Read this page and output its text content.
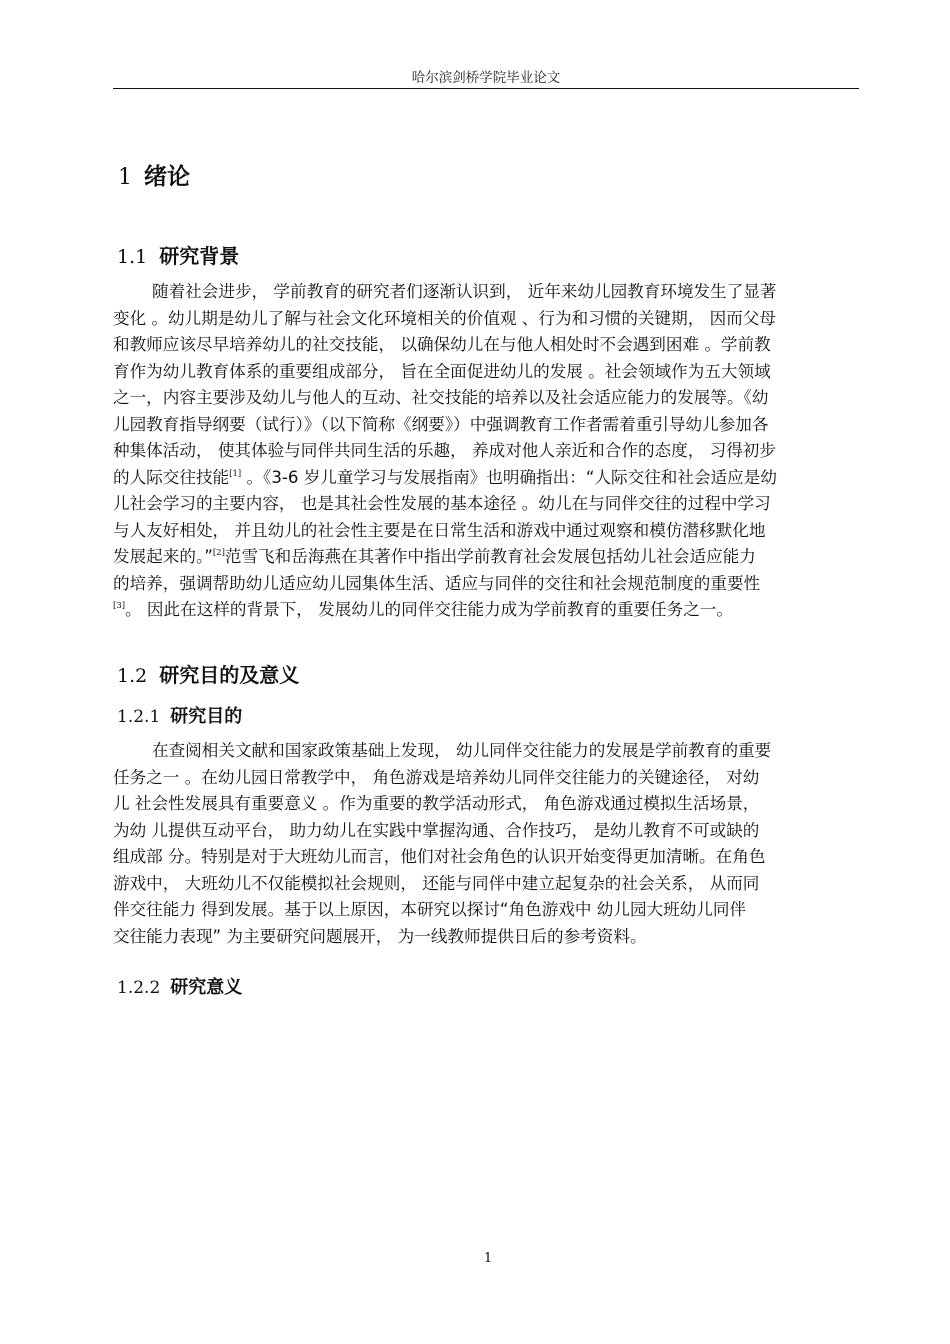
哈尔滨剑桥学院毕业论文
1 绪论
1.1 研究背景
随着社会进步， 学前教育的研究者们逐渐认识到， 近年来幼儿园教育环境发生了显著
变化 。幼儿期是幼儿了解与社会文化环境相关的价值观 、行为和习惯的关键期， 因而父母
和教师应该尽早培养幼儿的社交技能， 以确保幼儿在与他人相处时不会遇到困难 。学前教
育作为幼儿教育体系的重要组成部分， 旨在全面促进幼儿的发展 。社会领域作为五大领域
之一，内容主要涉及幼儿与他人的互动、社交技能的培养以及社会适应能力的发展等。《幼
儿园教育指导纲要（试行）》（以下简称《纲要》）中强调教育工作者需着重引导幼儿参加各
种集体活动， 使其体验与同伴共同生活的乐趣， 养成对他人亲近和合作的态度， 习得初步
的人际交往技能[1] 。《3-6 岁儿童学习与发展指南》也明确指出：“人际交往和社会适应是幼
儿社会学习的主要内容， 也是其社会性发展的基本途径 。幼儿在与同伴交往的过程中学习
与人友好相处， 并且幼儿的社会性主要是在日常生活和游戏中通过观察和模仿潜移默化地
发展起来的。”[2]范雪飞和岳海燕在其著作中指出学前教育社会发展包括幼儿社会适应能力
的培养，强调帮助幼儿适应幼儿园集体生活、适应与同伴的交往和社会规范制度的重要性
[3]。 因此在这样的背景下， 发展幼儿的同伴交往能力成为学前教育的重要任务之一。
1.2 研究目的及意义
1.2.1 研究目的
在查阅相关文献和国家政策基础上发现， 幼儿同伴交往能力的发展是学前教育的重要
任务之一 。在幼儿园日常教学中， 角色游戏是培养幼儿同伴交往能力的关键途径， 对幼
儿 社会性发展具有重要意义 。作为重要的教学活动形式， 角色游戏通过模拟生活场景，
为幼 儿提供互动平台， 助力幼儿在实践中掌握沟通、合作技巧， 是幼儿教育不可或缺的
组成部 分。特别是对于大班幼儿而言，他们对社会角色的认识开始变得更加清晰。在角色
游戏中， 大班幼儿不仅能模拟社会规则， 还能与同伴中建立起复杂的社会关系， 从而同
伴交往能力 得到发展。基于以上原因，本研究以探讨“角色游戏中 幼儿园大班幼儿同伴
交往能力表现” 为主要研究问题展开， 为一线教师提供日后的参考资料。
1.2.2 研究意义
1
